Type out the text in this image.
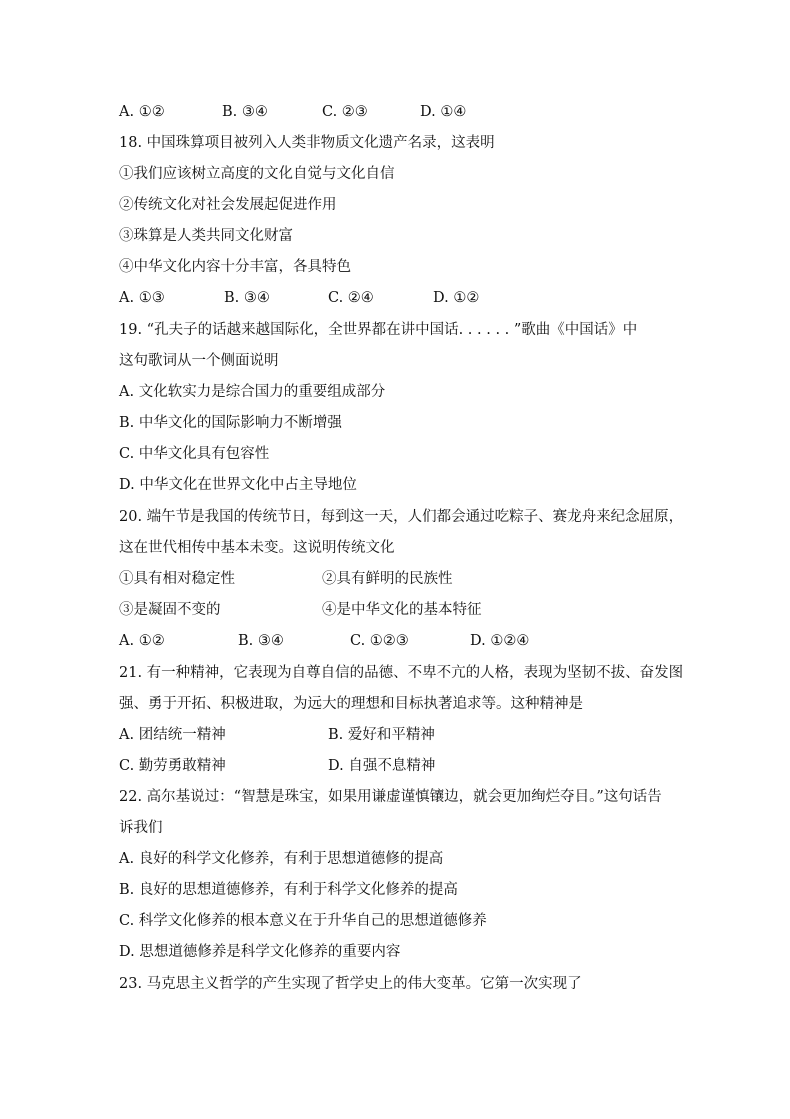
A. ①②	B. ③④	C. ②③	D. ①④
18. 中国珠算项目被列入人类非物质文化遗产名录，这表明
①我们应该树立高度的文化自觉与文化自信
②传统文化对社会发展起促进作用
③珠算是人类共同文化财富
④中华文化内容十分丰富，各具特色
A. ①③	B. ③④	C. ②④	D. ①②
19. “孔夫子的话越来越国际化，全世界都在讲中国话. . . . . . ”歌曲《中国话》中
这句歌词从一个侧面说明
A. 文化软实力是综合国力的重要组成部分
B. 中华文化的国际影响力不断增强
C. 中华文化具有包容性
D. 中华文化在世界文化中占主导地位
20. 端午节是我国的传统节日，每到这一天，人们都会通过吃粽子、赛龙舟来纪念屈原，
这在世代相传中基本未变。这说明传统文化
①具有相对稳定性	②具有鲜明的民族性
③是凝固不变的	④是中华文化的基本特征
A. ①②	B. ③④	C. ①②③	D. ①②④
21. 有一种精神，它表现为自尊自信的品德、不卑不亢的人格，表现为坚韧不拔、奋发图
强、勇于开拓、积极进取，为远大的理想和目标执著追求等。这种精神是
A. 团结统一精神	B. 爱好和平精神
C. 勤劳勇敢精神	D. 自强不息精神
22. 高尔基说过：“智慧是珠宝，如果用谦虚谨慎镶边，就会更加绚烂夺目。”这句话告
诉我们
A. 良好的科学文化修养，有利于思想道德修的提高
B. 良好的思想道德修养，有利于科学文化修养的提高
C. 科学文化修养的根本意义在于升华自己的思想道德修养
D. 思想道德修养是科学文化修养的重要内容
23. 马克思主义哲学的产生实现了哲学史上的伟大变革。它第一次实现了
